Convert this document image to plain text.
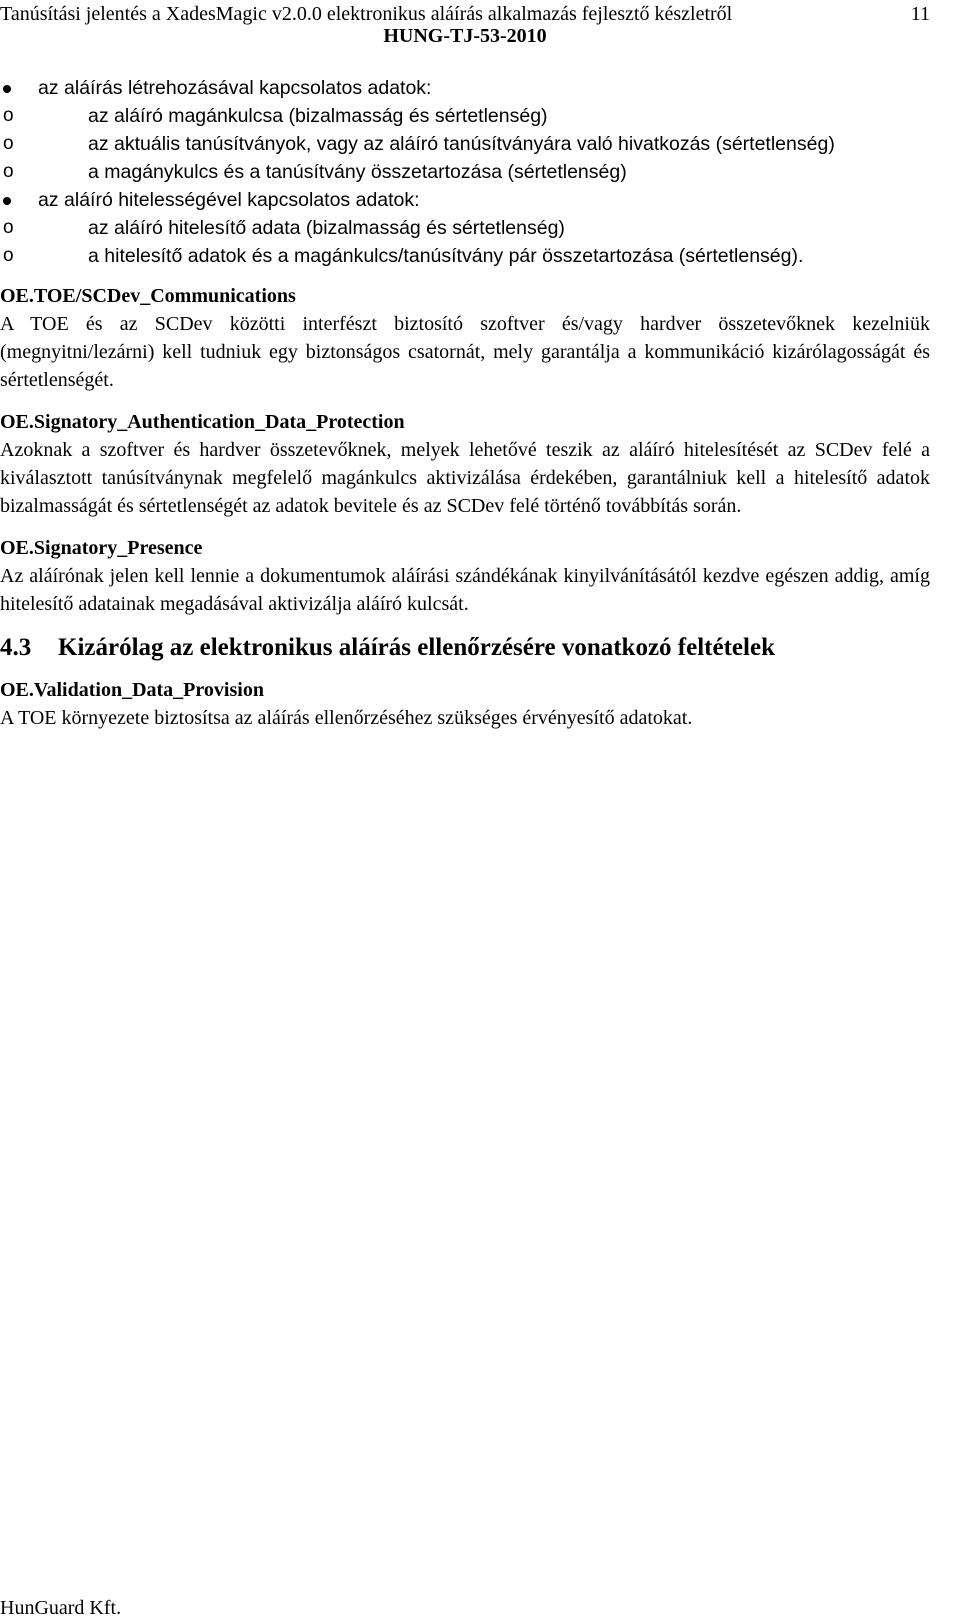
Tanúsítási jelentés a XadesMagic v2.0.0 elektronikus aláírás alkalmazás fejlesztő készletről	11
HUNG-TJ-53-2010
az aláírás létrehozásával kapcsolatos adatok:
o	az aláíró magánkulcsa (bizalmasság és sértetlenség)
o	az aktuális tanúsítványok, vagy az aláíró tanúsítványára való hivatkozás (sértetlenség)
o	a magánykulcs és a tanúsítvány összetartozása (sértetlenség)
az aláíró hitelességével kapcsolatos adatok:
o	az aláíró hitelesítő adata (bizalmasság és sértetlenség)
o	a hitelesítő adatok és a magánkulcs/tanúsítvány pár összetartozása (sértetlenség).

OE.TOE/SCDev_Communications

A TOE és az SCDev közötti interfészt biztosító szoftver és/vagy hardver összetevőknek kezelniük (megnyitni/lezárni) kell tudniuk egy biztonságos csatornát, mely garantálja a kommunikáció kizárólagosságát és sértetlenségét.

OE.Signatory_Authentication_Data_Protection

Azoknak a szoftver és hardver összetevőknek, melyek lehetővé teszik az aláíró hitelesítését az SCDev felé a kiválasztott tanúsítványnak megfelelő magánkulcs aktivizálása érdekében, garantálniuk kell a hitelesítő adatok bizalmasságát és sértetlenségét az adatok bevitele és az SCDev felé történő továbbítás során.

OE.Signatory_Presence

Az aláírónak jelen kell lennie a dokumentumok aláírási szándékának kinyilvánításától kezdve egészen addig, amíg hitelesítő adatainak megadásával aktivizálja aláíró kulcsát.

4.3	Kizárólag az elektronikus aláírás ellenőrzésére vonatkozó feltételek

OE.Validation_Data_Provision

A TOE környezete biztosítsa az aláírás ellenőrzéséhez szükséges érvényesítő adatokat.

HunGuard Kft.
